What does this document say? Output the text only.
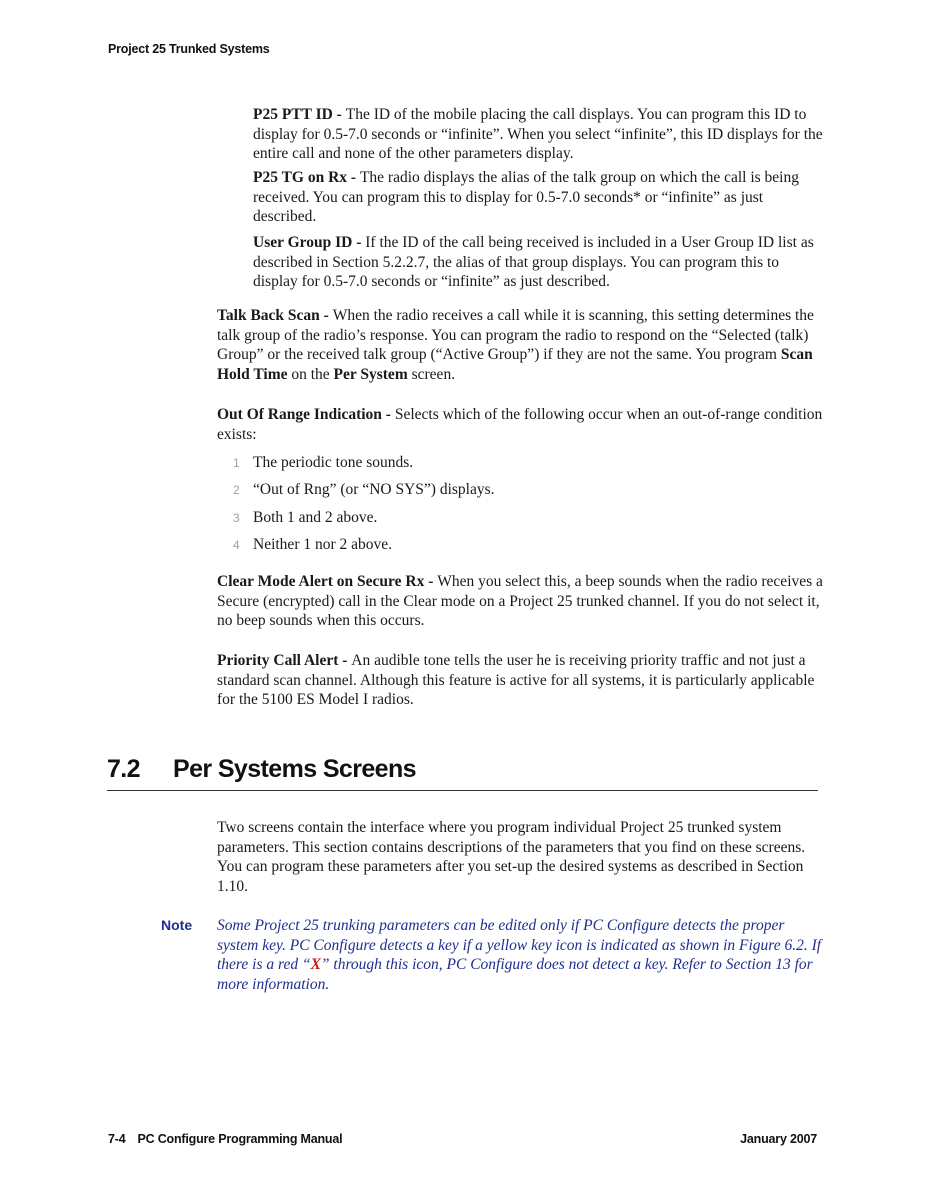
Project 25 Trunked Systems

P25 PTT ID - The ID of the mobile placing the call displays. You can program this ID to display for 0.5-7.0 seconds or “infinite”. When you select “infinite”, this ID displays for the entire call and none of the other parameters display.

P25 TG on Rx - The radio displays the alias of the talk group on which the call is being received. You can program this to display for 0.5-7.0 seconds* or “infinite” as just described.

User Group ID - If the ID of the call being received is included in a User Group ID list as described in Section 5.2.2.7, the alias of that group displays. You can program this to display for 0.5-7.0 seconds or “infinite” as just described.

Talk Back Scan - When the radio receives a call while it is scanning, this setting determines the talk group of the radio’s response. You can program the radio to respond on the “Selected (talk) Group” or the received talk group (“Active Group”) if they are not the same. You program Scan Hold Time on the Per System screen.

Out Of Range Indication - Selects which of the following occur when an out-of-range condition exists:

1 The periodic tone sounds.
2 “Out of Rng” (or “NO SYS”) displays.
3 Both 1 and 2 above.
4 Neither 1 nor 2 above.

Clear Mode Alert on Secure Rx - When you select this, a beep sounds when the radio receives a Secure (encrypted) call in the Clear mode on a Project 25 trunked channel. If you do not select it, no beep sounds when this occurs.

Priority Call Alert - An audible tone tells the user he is receiving priority traffic and not just a standard scan channel. Although this feature is active for all systems, it is particularly applicable for the 5100 ES Model I radios.

7.2 Per Systems Screens

Two screens contain the interface where you program individual Project 25 trunked system parameters. This section contains descriptions of the parameters that you find on these screens. You can program these parameters after you set-up the desired systems as described in Section 1.10.

Note Some Project 25 trunking parameters can be edited only if PC Configure detects the proper system key. PC Configure detects a key if a yellow key icon is indicated as shown in Figure 6.2. If there is a red “X” through this icon, PC Configure does not detect a key. Refer to Section 13 for more information.

7-4 PC Configure Programming Manual	January 2007
